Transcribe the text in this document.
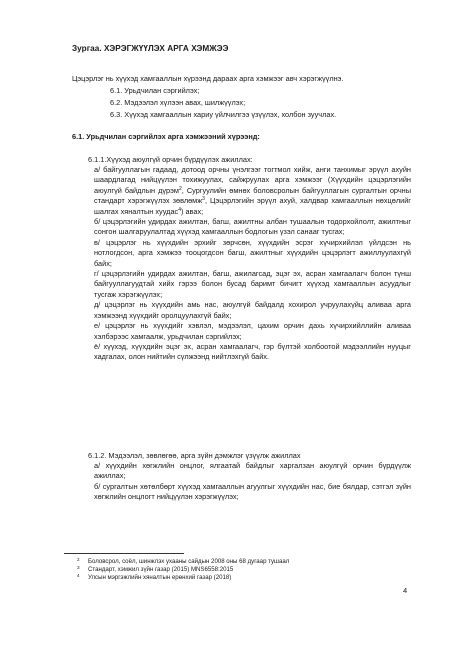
Зургаа. ХЭРЭГЖҮҮЛЭХ АРГА ХЭМЖЭЭ
Цэцэрлэг нь хүүхэд хамгааллын хүрээнд дараах арга хэмжээг авч хэрэгжүүлнэ.
6.1. Урьдчилан сэргийлэх;
6.2. Мэдээлэл хүлээн авах, шилжүүлэх;
6.3. Хүүхэд хамгааллын хариу үйлчилгээ үзүүлэх, холбон зуучлах.
6.1. Урьдчилан сэргийлэх арга хэмжээний хүрээнд:
6.1.1.Хүүхэд аюулгүй орчин бүрдүүлэх ажиллах:

а/ байгууллагын гадаад, дотоод орчны үнэлгээг тогтмол хийж, анги танхимыг эрүүл ахуйн шаардлагад нийцүүлэн тохижуулах, сайжруулах арга хэмжээг (Хүүхдийн цэцэрлэгийн аюулгүй байдлын дүрэм$^2$, Сургуулийн өмнөх боловсролын байгууллагын сургалтын орчны стандарт хэрэгжүүлэх зөвлөмж$^3$, Цэцэрлэгийн эрүүл ахуй, халдвар хамгааллын нөхцөлийг шалгах хяналтын хуудас$^4$) авах;

б/ цэцэрлэгийн удирдах ажилтан, багш, ажилтны албан тушаалын тодорхойлолт, ажилтныг сонгон шалгаруулалтад хүүхэд хамгааллын бодлогын үзэл санааг тусгах;

в/ цэцэрлэг нь хүүхдийн эрхийг зөрчсөн, хүүхдийн эсрэг хүчирхийлэл үйлдсэн нь нотлогдсон, арга хэмжээ тооцогдсон багш, ажилтныг хүүхдийн цэцэрлэгт ажиллуулахгүй байх;

г/ цэцэрлэгийн удирдах ажилтан, багш, ажилагсад, эцэг эх, асран хамгаалагч болон түнш байгууллагуудтай хийх гэрээ болон бусад баримт бичигт хүүхэд хамгааллын асуудлыг тусгаж хэрэгжүүлэх;

д/ цэцэрлэг нь хүүхдийн амь нас, аюулгүй байдалд хохирол учруулахүйц аливаа арга хэмжээнд хүүхдийг оролцуулахгүй байх;

е/ цэцэрлэг нь хүүхдийг хэвлэл, мэдээлэл, цахим орчин дахь хүчирхийллийн аливаа хэлбэрээс хамгаалж, урьдчилан сэргийлэх;

ё/ хүүхэд, хүүхдийн эцэг эх, асран хамгаалагч, гэр бүлтэй холбоотой мэдээллийн нууцыг хадгалах, олон нийтийн сүлжээнд нийтлэхгүй байх.

6.1.2. Мэдээлэл, зөвлөгөө, арга зүйн дэмжлэг үзүүлж ажиллах

а/ хүүхдийн хөгжлийн онцлог, ялгаатай байдлыг харгалзан аюулгүй орчин бүрдүүлж ажиллах;

б/ сургалтын хөтөлбөрт хүүхэд хамгааллын агуулгыг хүүхдийн нас, бие бялдар, сэтгэл зүйн хөгжлийн онцлогт нийцүүлэн хэрэгжүүлэх;

2 Боловсрол, соёл, шинжлэх ухааны сайдын 2008 оны 68 дугаар тушаал
3 Стандарт, хэмжил зүйн газар (2015) MNS6558:2015
4 Улсын мэргэжлийн хяналтын ерөнхий газар (2018)
4
